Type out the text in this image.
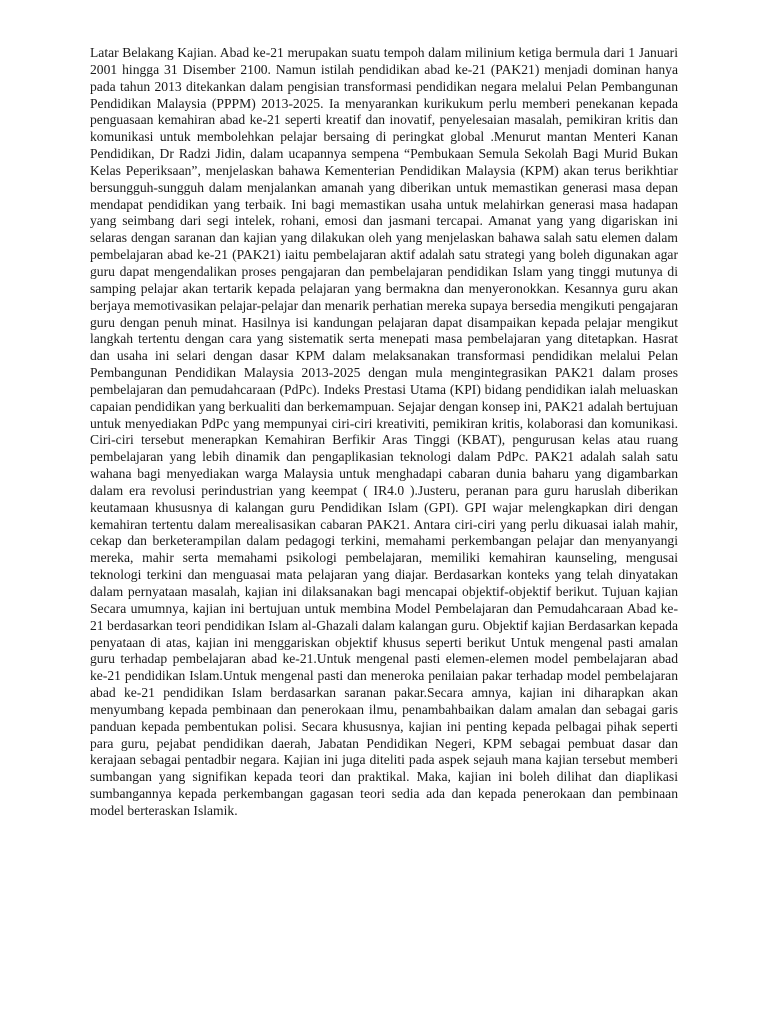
Latar Belakang Kajian. Abad ke-21 merupakan suatu tempoh dalam milinium ketiga bermula dari 1 Januari 2001 hingga 31 Disember 2100. Namun istilah pendidikan abad ke-21 (PAK21) menjadi dominan hanya pada tahun 2013 ditekankan dalam pengisian transformasi pendidikan negara melalui Pelan Pembangunan Pendidikan Malaysia (PPPM) 2013-2025. Ia menyarankan kurikukum perlu memberi penekanan kepada penguasaan kemahiran abad ke-21 seperti kreatif dan inovatif, penyelesaian masalah, pemikiran kritis dan komunikasi untuk membolehkan pelajar bersaing di peringkat global .Menurut mantan Menteri Kanan Pendidikan, Dr Radzi Jidin, dalam ucapannya sempena “Pembukaan Semula Sekolah Bagi Murid Bukan Kelas Peperiksaan”, menjelaskan bahawa Kementerian Pendidikan Malaysia (KPM) akan terus berikhtiar bersungguh-sungguh dalam menjalankan amanah yang diberikan untuk memastikan generasi masa depan mendapat pendidikan yang terbaik. Ini bagi memastikan usaha untuk melahirkan generasi masa hadapan yang seimbang dari segi intelek, rohani, emosi dan jasmani tercapai. Amanat yang yang digariskan ini selaras dengan saranan dan kajian yang dilakukan oleh yang menjelaskan bahawa salah satu elemen dalam pembelajaran abad ke-21 (PAK21) iaitu pembelajaran aktif adalah satu strategi yang boleh digunakan agar guru dapat mengendalikan proses pengajaran dan pembelajaran pendidikan Islam yang tinggi mutunya di samping pelajar akan tertarik kepada pelajaran yang bermakna dan menyeronokkan. Kesannya guru akan berjaya memotivasikan pelajar-pelajar dan menarik perhatian mereka supaya bersedia mengikuti pengajaran guru dengan penuh minat. Hasilnya isi kandungan pelajaran dapat disampaikan kepada pelajar mengikut langkah tertentu dengan cara yang sistematik serta menepati masa pembelajaran yang ditetapkan. Hasrat dan usaha ini selari dengan dasar KPM dalam melaksanakan transformasi pendidikan melalui Pelan Pembangunan Pendidikan Malaysia 2013-2025 dengan mula mengintegrasikan PAK21 dalam proses pembelajaran dan pemudahcaraan (PdPc). Indeks Prestasi Utama (KPI) bidang pendidikan ialah meluaskan capaian pendidikan yang berkualiti dan berkemampuan. Sejajar dengan konsep ini, PAK21 adalah bertujuan untuk menyediakan PdPc yang mempunyai ciri-ciri kreativiti, pemikiran kritis, kolaborasi dan komunikasi. Ciri-ciri tersebut menerapkan Kemahiran Berfikir Aras Tinggi (KBAT), pengurusan kelas atau ruang pembelajaran yang lebih dinamik dan pengaplikasian teknologi dalam PdPc. PAK21 adalah salah satu wahana bagi menyediakan warga Malaysia untuk menghadapi cabaran dunia baharu yang digambarkan dalam era revolusi perindustrian yang keempat ( IR4.0 ).Justeru, peranan para guru haruslah diberikan keutamaan khususnya di kalangan guru Pendidikan Islam (GPI). GPI wajar melengkapkan diri dengan kemahiran tertentu dalam merealisasikan cabaran PAK21. Antara ciri-ciri yang perlu dikuasai ialah mahir, cekap dan berketerampilan dalam pedagogi terkini, memahami perkembangan pelajar dan menyanyangi mereka, mahir serta memahami psikologi pembelajaran, memiliki kemahiran kaunseling, mengusai teknologi terkini dan menguasai mata pelajaran yang diajar. Berdasarkan konteks yang telah dinyatakan dalam pernyataan masalah, kajian ini dilaksanakan bagi mencapai objektif-objektif berikut. Tujuan kajian Secara umumnya, kajian ini bertujuan untuk membina Model Pembelajaran dan Pemudahcaraan Abad ke-21 berdasarkan teori pendidikan Islam al-Ghazali dalam kalangan guru. Objektif kajian Berdasarkan kepada penyataan di atas, kajian ini menggariskan objektif khusus seperti berikut Untuk mengenal pasti amalan guru terhadap pembelajaran abad ke-21.Untuk mengenal pasti elemen-elemen model pembelajaran abad ke-21 pendidikan Islam.Untuk mengenal pasti dan meneroka penilaian pakar terhadap model pembelajaran abad ke-21 pendidikan Islam berdasarkan saranan pakar.Secara amnya, kajian ini diharapkan akan menyumbang kepada pembinaan dan penerokaan ilmu, penambahbaikan dalam amalan dan sebagai garis panduan kepada pembentukan polisi. Secara khususnya, kajian ini penting kepada pelbagai pihak seperti para guru, pejabat pendidikan daerah, Jabatan Pendidikan Negeri, KPM sebagai pembuat dasar dan kerajaan sebagai pentadbir negara. Kajian ini juga diteliti pada aspek sejauh mana kajian tersebut memberi sumbangan yang signifikan kepada teori dan praktikal. Maka, kajian ini boleh dilihat dan diaplikasi sumbangannya kepada perkembangan gagasan teori sedia ada dan kepada penerokaan dan pembinaan model berteraskan Islamik.
